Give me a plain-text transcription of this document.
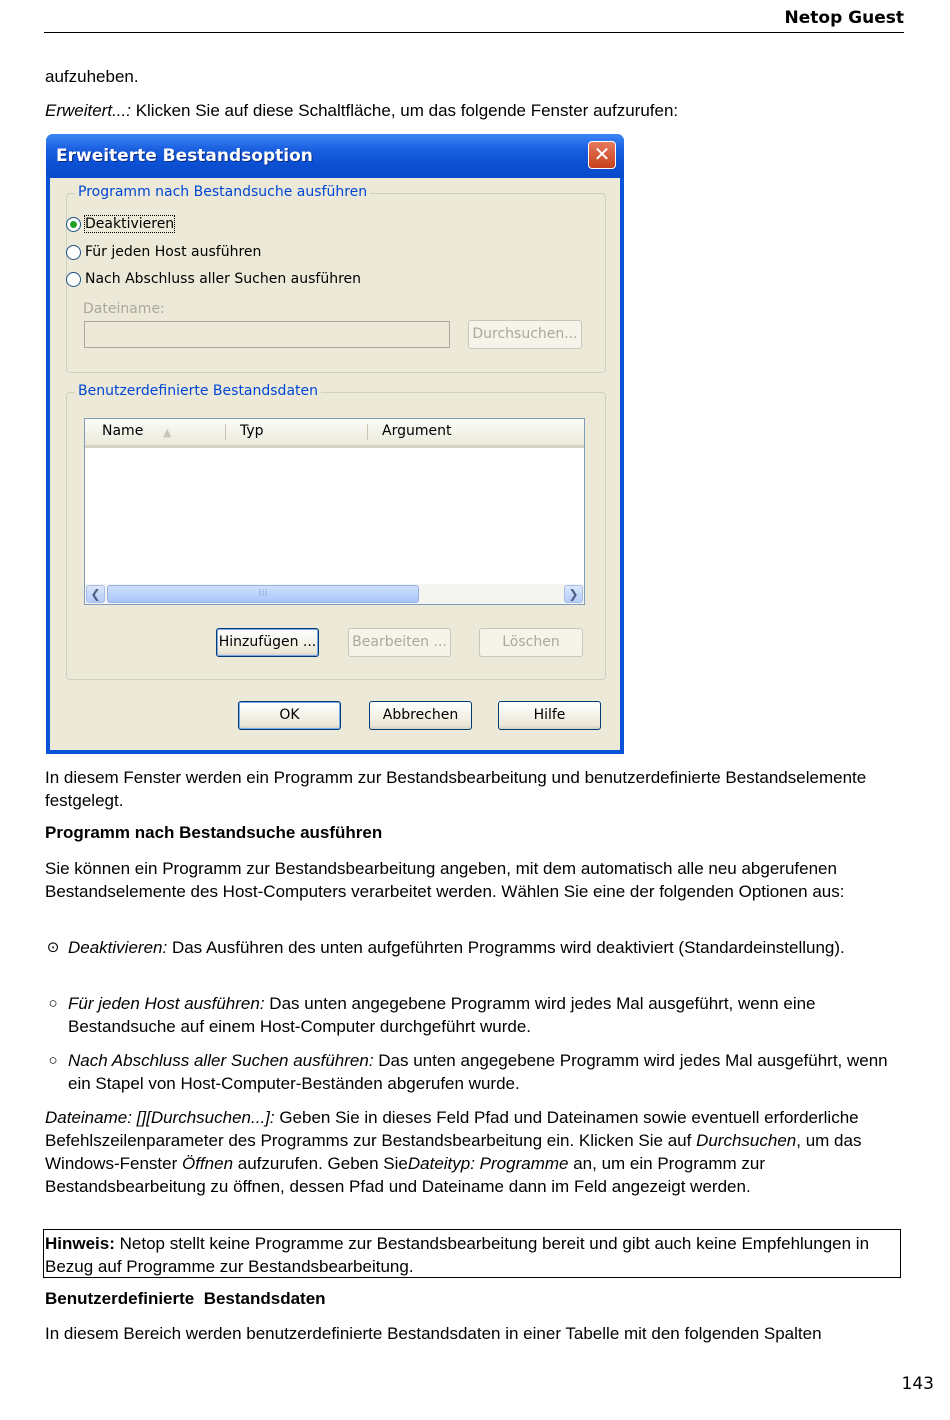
Netop Guest
aufzuheben.
Erweitert...: Klicken Sie auf diese Schaltfläche, um das folgende Fenster aufzurufen:
Erweiterte Bestandsoption	✕
Programm nach Bestandsuche ausführen
Deaktivieren
Für jeden Host ausführen
Nach Abschluss aller Suchen ausführen
Dateiname:
Durchsuchen...
Benutzerdefinierte Bestandsdaten
Name ▲	Typ	Argument
❮	⁞⁞⁞	❯
Hinzufügen ...	Bearbeiten ...	Löschen
OK	Abbrechen	Hilfe
In diesem Fenster werden ein Programm zur Bestandsbearbeitung und benutzerdefinierte Bestandselemente festgelegt.
Programm nach Bestandsuche ausführen
Sie können ein Programm zur Bestandsbearbeitung angeben, mit dem automatisch alle neu abgerufenen Bestandselemente des Host-Computers verarbeitet werden. Wählen Sie eine der folgenden Optionen aus:
⊙ Deaktivieren: Das Ausführen des unten aufgeführten Programms wird deaktiviert (Standardeinstellung).
○ Für jeden Host ausführen: Das unten angegebene Programm wird jedes Mal ausgeführt, wenn eine Bestandsuche auf einem Host-Computer durchgeführt wurde.
○ Nach Abschluss aller Suchen ausführen: Das unten angegebene Programm wird jedes Mal ausgeführt, wenn ein Stapel von Host-Computer-Beständen abgerufen wurde.
Dateiname: [][Durchsuchen...]: Geben Sie in dieses Feld Pfad und Dateinamen sowie eventuell erforderliche Befehlszeilenparameter des Programms zur Bestandsbearbeitung ein. Klicken Sie auf Durchsuchen, um das Windows-Fenster Öffnen aufzurufen. Geben SieDateityp: Programme an, um ein Programm zur Bestandsbearbeitung zu öffnen, dessen Pfad und Dateiname dann im Feld angezeigt werden.
Hinweis: Netop stellt keine Programme zur Bestandsbearbeitung bereit und gibt auch keine Empfehlungen in Bezug auf Programme zur Bestandsbearbeitung.
Benutzerdefinierte  Bestandsdaten
In diesem Bereich werden benutzerdefinierte Bestandsdaten in einer Tabelle mit den folgenden Spalten
143
